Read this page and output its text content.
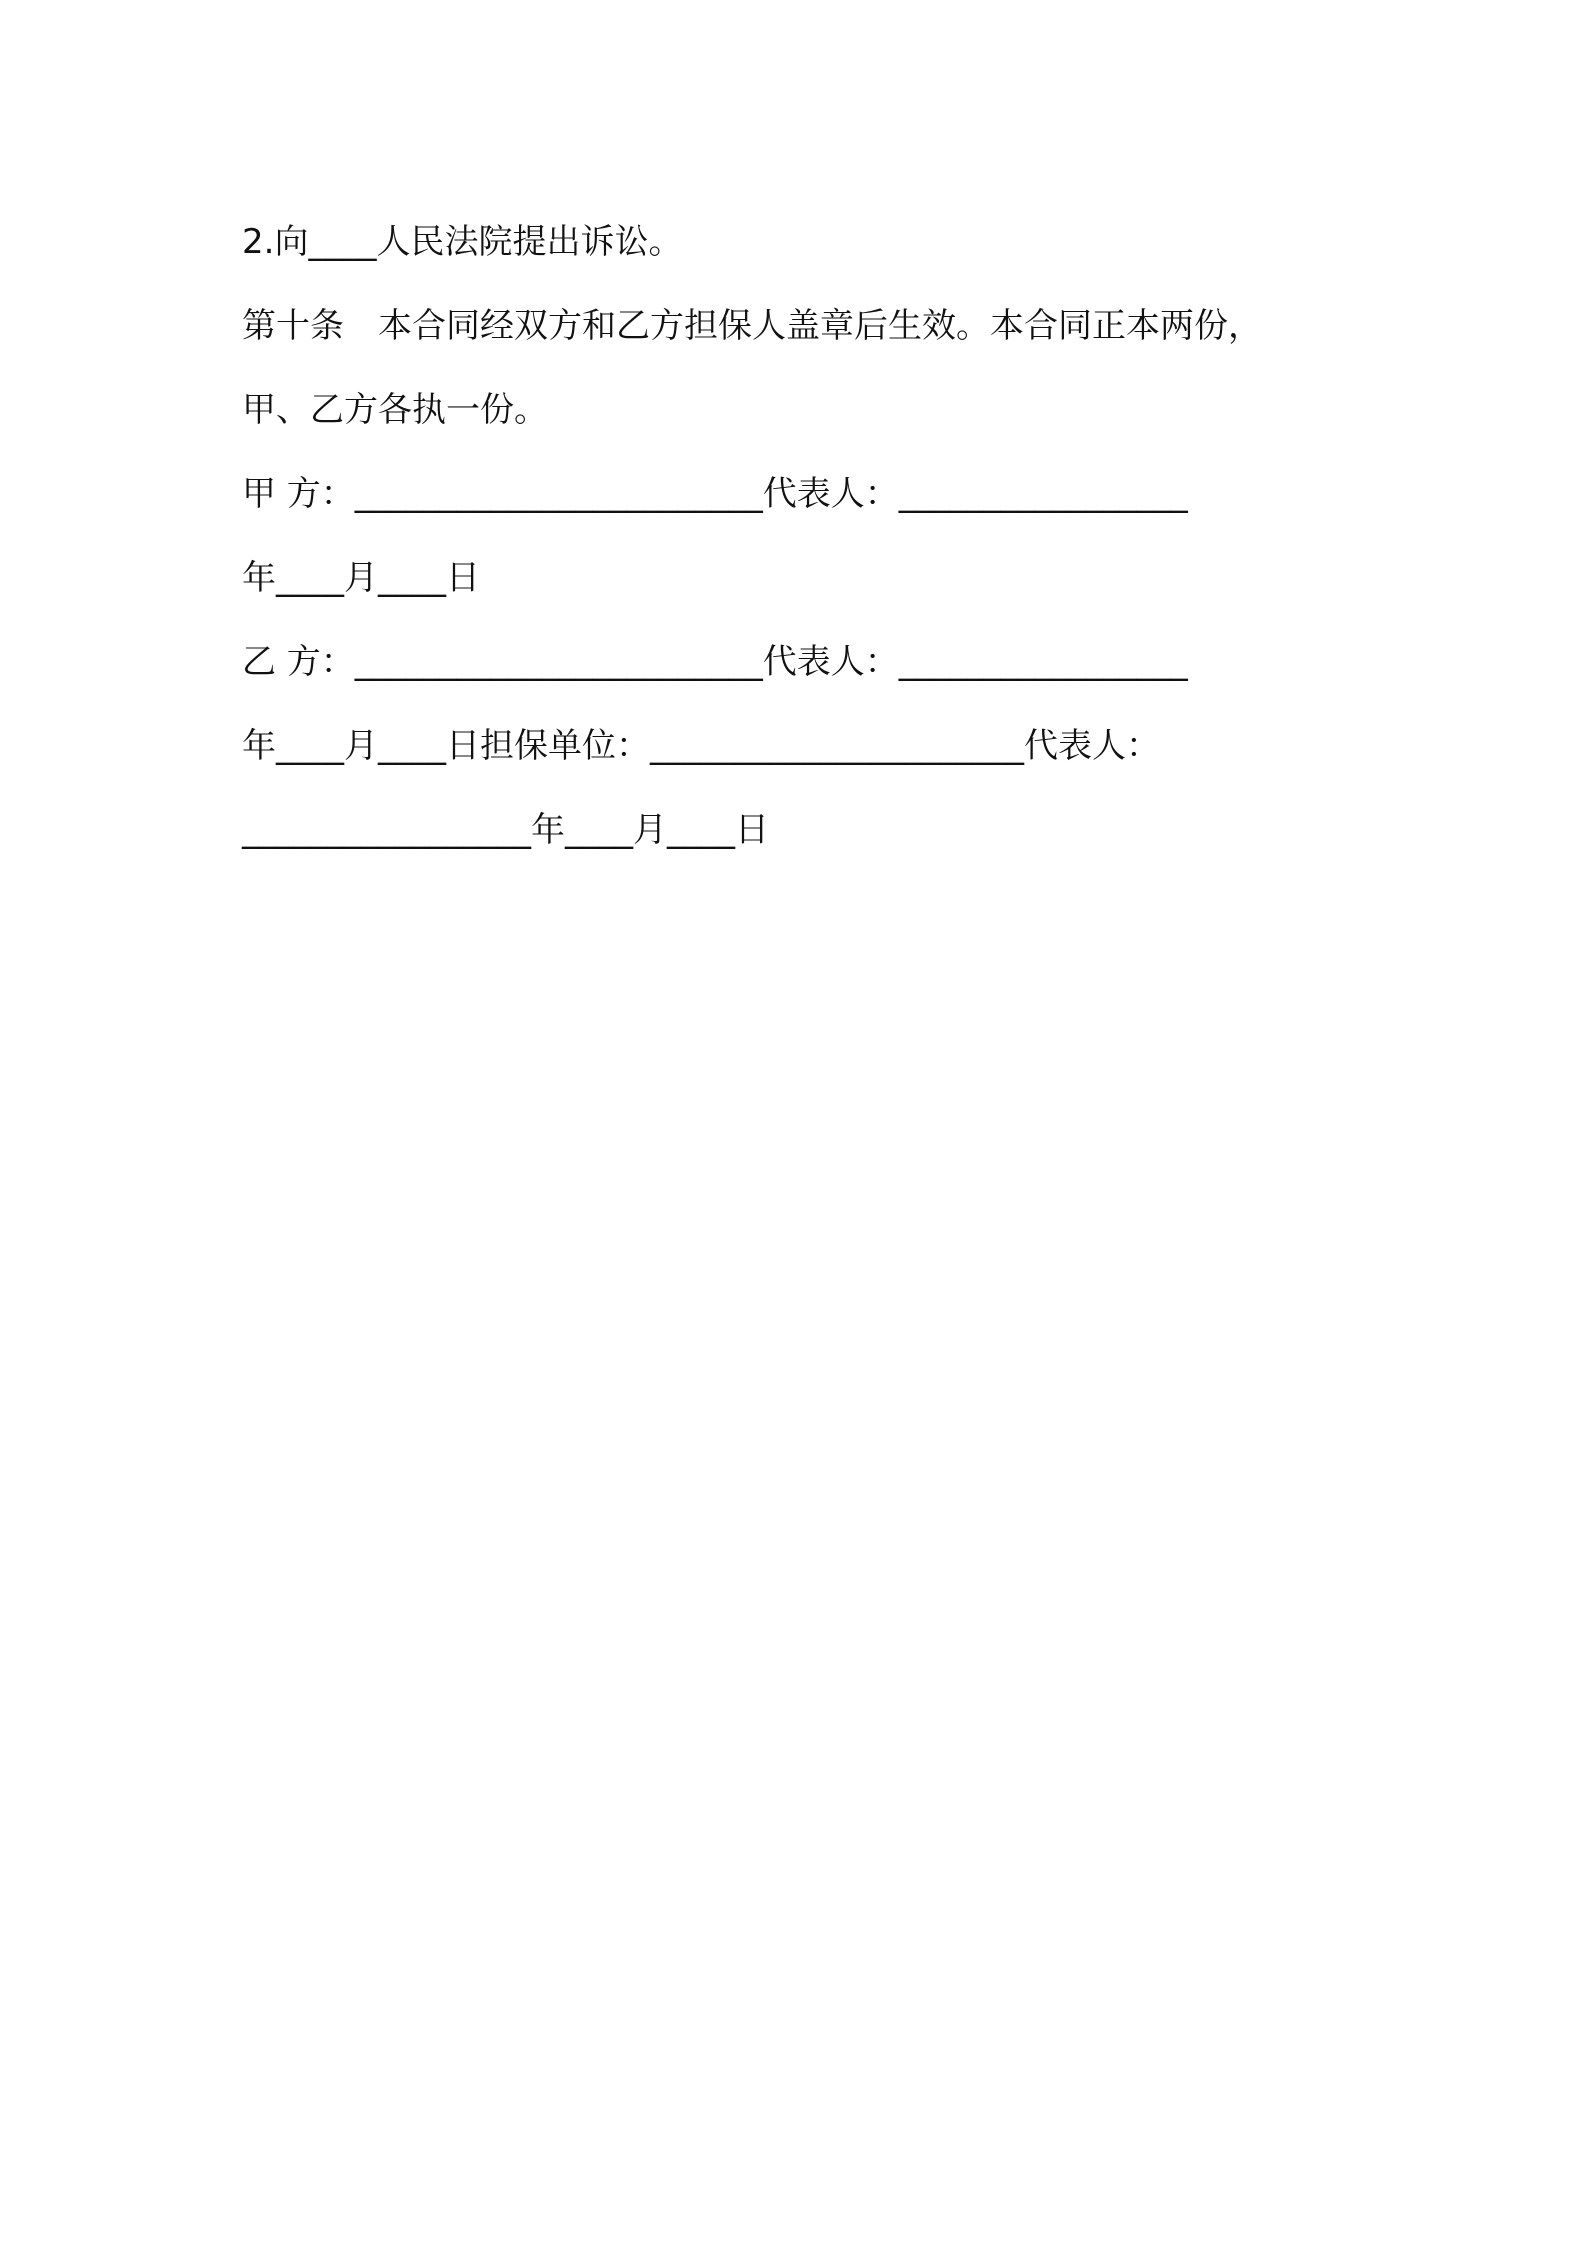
2.向____人民法院提出诉讼。
第十条　本合同经双方和乙方担保人盖章后生效。本合同正本两份，
甲、乙方各执一份。
甲 方：________________________代表人：_________________
年____月____日
乙 方：________________________代表人：_________________
年____月____日担保单位：______________________代表人：
_________________年____月____日
